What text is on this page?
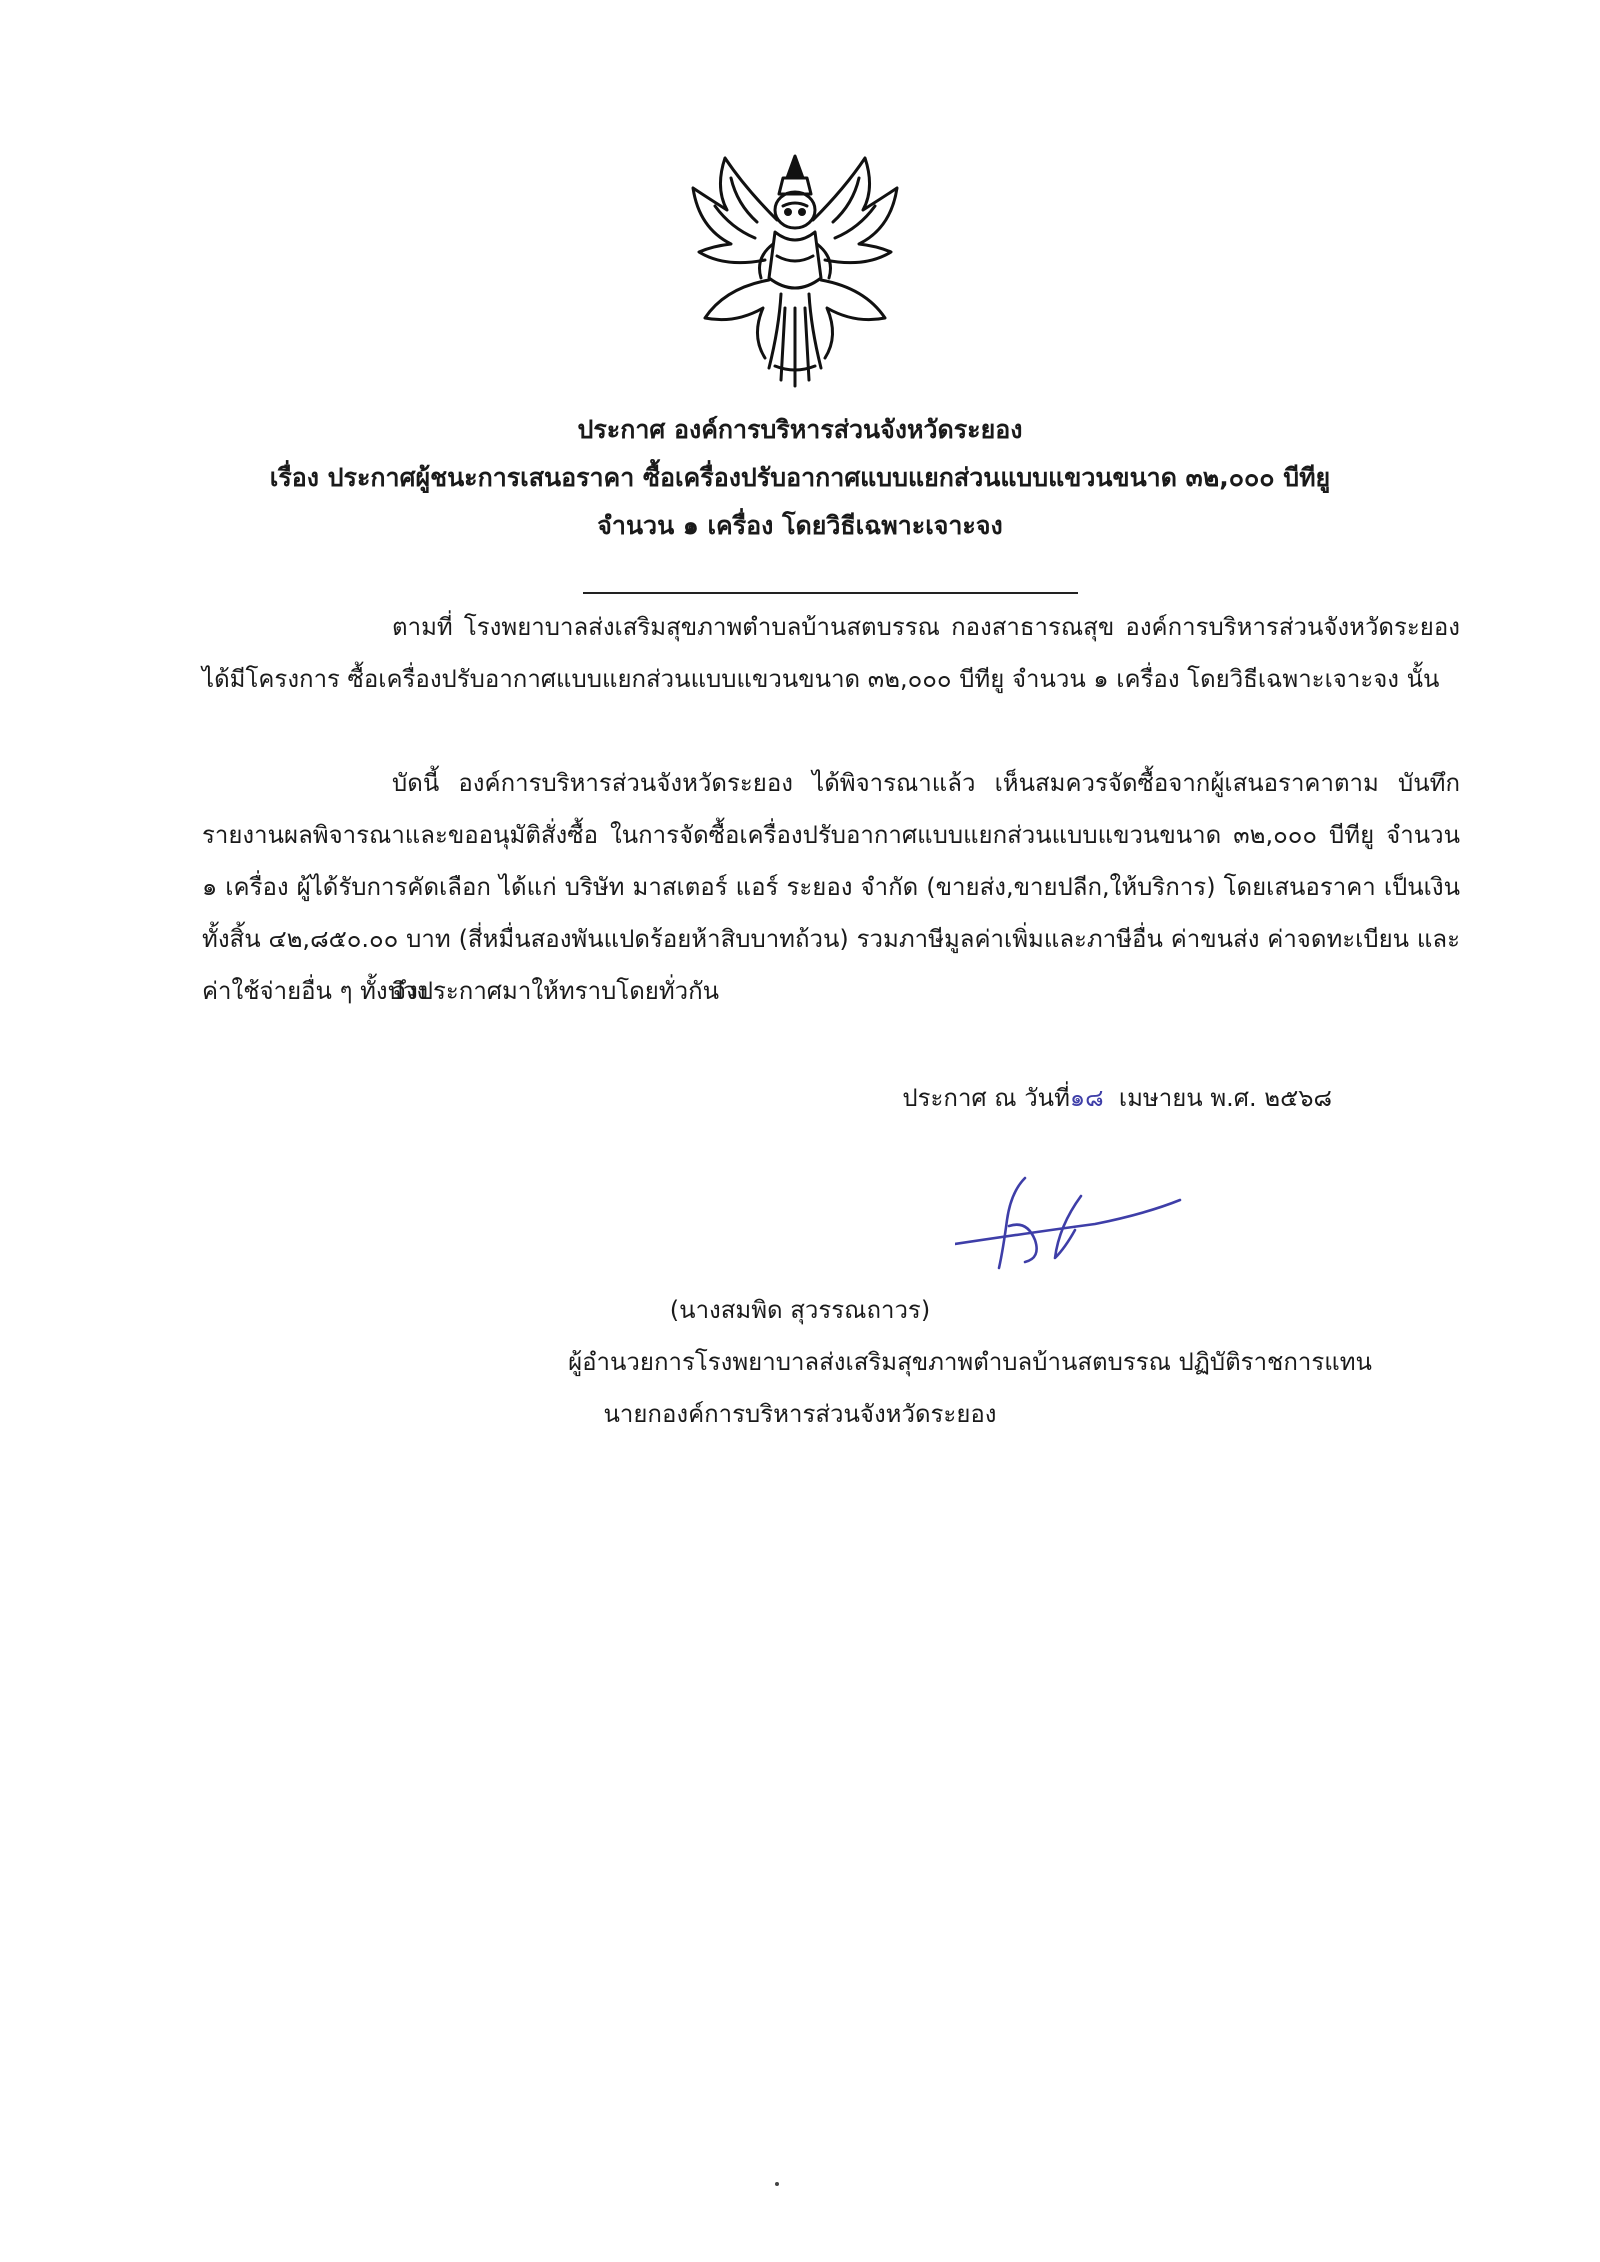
ประกาศ องค์การบริหารส่วนจังหวัดระยอง
เรื่อง ประกาศผู้ชนะการเสนอราคา ซื้อเครื่องปรับอากาศแบบแยกส่วนแบบแขวนขนาด ๓๒,๐๐๐ บีทียู
จำนวน ๑ เครื่อง โดยวิธีเฉพาะเจาะจง
ตามที่ โรงพยาบาลส่งเสริมสุขภาพตำบลบ้านสตบรรณ กองสาธารณสุข องค์การบริหารส่วนจังหวัดระยอง ได้มีโครงการ ซื้อเครื่องปรับอากาศแบบแยกส่วนแบบแขวนขนาด ๓๒,๐๐๐ บีทียู จำนวน ๑ เครื่อง โดยวิธีเฉพาะเจาะจง นั้น
บัดนี้ องค์การบริหารส่วนจังหวัดระยอง ได้พิจารณาแล้ว เห็นสมควรจัดซื้อจากผู้เสนอราคาตาม บันทึกรายงานผลพิจารณาและขออนุมัติสั่งซื้อ ในการจัดซื้อเครื่องปรับอากาศแบบแยกส่วนแบบแขวนขนาด ๓๒,๐๐๐ บีทียู จำนวน ๑ เครื่อง ผู้ได้รับการคัดเลือก ได้แก่ บริษัท มาสเตอร์ แอร์ ระยอง จำกัด (ขายส่ง,ขายปลีก,ให้บริการ) โดยเสนอราคา เป็นเงินทั้งสิ้น ๔๒,๘๕๐.๐๐ บาท (สี่หมื่นสองพันแปดร้อยห้าสิบบาทถ้วน) รวมภาษีมูลค่าเพิ่มและภาษีอื่น ค่าขนส่ง ค่าจดทะเบียน และค่าใช้จ่ายอื่น ๆ ทั้งปวง
จึงประกาศมาให้ทราบโดยทั่วกัน
ประกาศ ณ วันที่๑๘ เมษายน พ.ศ. ๒๕๖๘
(นางสมพิด สุวรรณถาวร)
ผู้อำนวยการโรงพยาบาลส่งเสริมสุขภาพตำบลบ้านสตบรรณ ปฏิบัติราชการแทน
นายกองค์การบริหารส่วนจังหวัดระยอง
